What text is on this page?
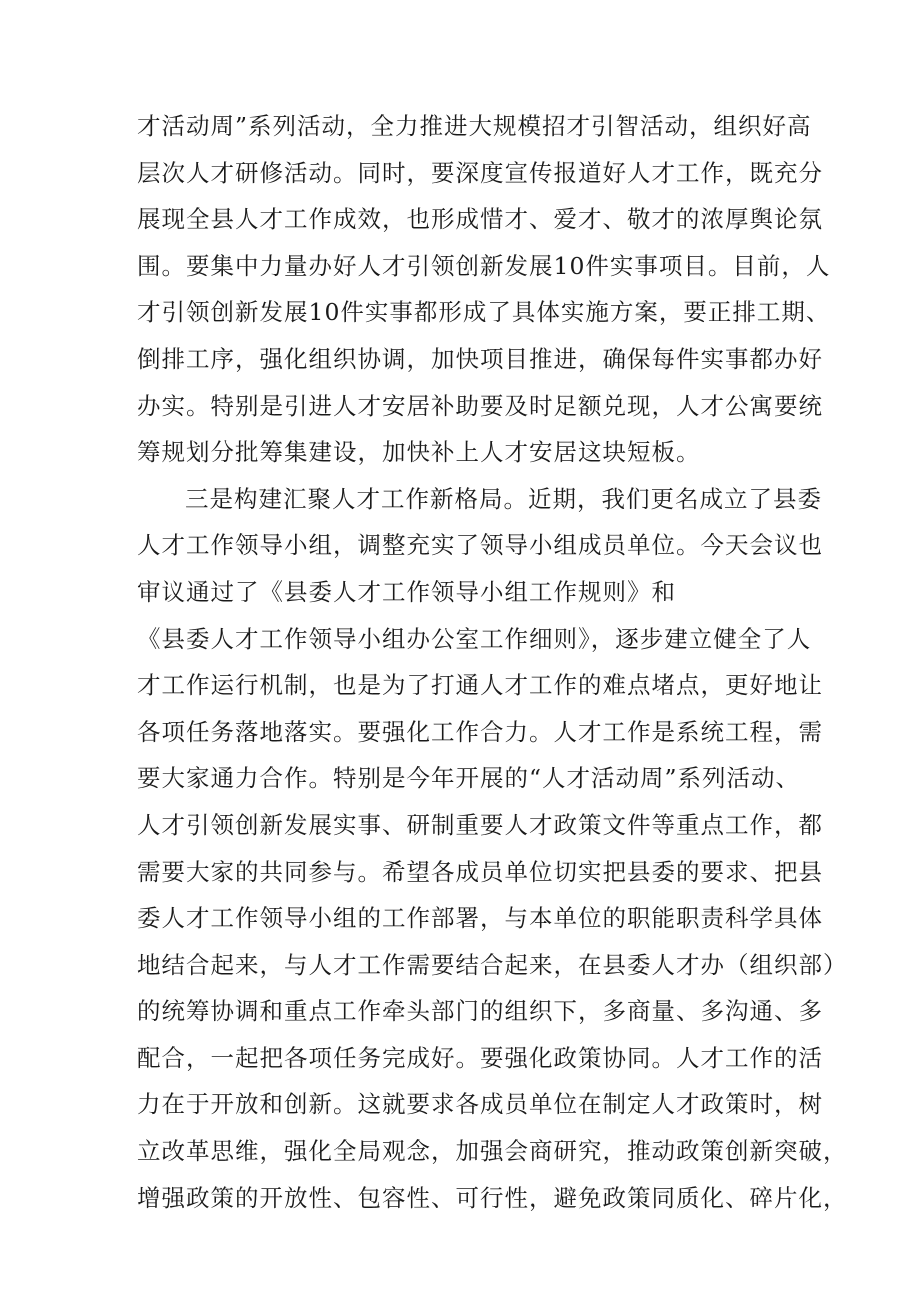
才活动周”系列活动，全力推进大规模招才引智活动，组织好高
层次人才研修活动。同时，要深度宣传报道好人才工作，既充分
展现全县人才工作成效，也形成惜才、爱才、敬才的浓厚舆论氛
围。要集中力量办好人才引领创新发展10件实事项目。目前，人
才引领创新发展10件实事都形成了具体实施方案，要正排工期、
倒排工序，强化组织协调，加快项目推进，确保每件实事都办好
办实。特别是引进人才安居补助要及时足额兑现，人才公寓要统
筹规划分批筹集建设，加快补上人才安居这块短板。
三是构建汇聚人才工作新格局。近期，我们更名成立了县委
人才工作领导小组，调整充实了领导小组成员单位。今天会议也
审议通过了《县委人才工作领导小组工作规则》和
《县委人才工作领导小组办公室工作细则》，逐步建立健全了人
才工作运行机制，也是为了打通人才工作的难点堵点，更好地让
各项任务落地落实。要强化工作合力。人才工作是系统工程，需
要大家通力合作。特别是今年开展的“人才活动周”系列活动、
人才引领创新发展实事、研制重要人才政策文件等重点工作，都
需要大家的共同参与。希望各成员单位切实把县委的要求、把县
委人才工作领导小组的工作部署，与本单位的职能职责科学具体
地结合起来，与人才工作需要结合起来，在县委人才办（组织部）
的统筹协调和重点工作牵头部门的组织下，多商量、多沟通、多
配合，一起把各项任务完成好。要强化政策协同。人才工作的活
力在于开放和创新。这就要求各成员单位在制定人才政策时，树
立改革思维，强化全局观念，加强会商研究，推动政策创新突破，
增强政策的开放性、包容性、可行性，避免政策同质化、碎片化，
